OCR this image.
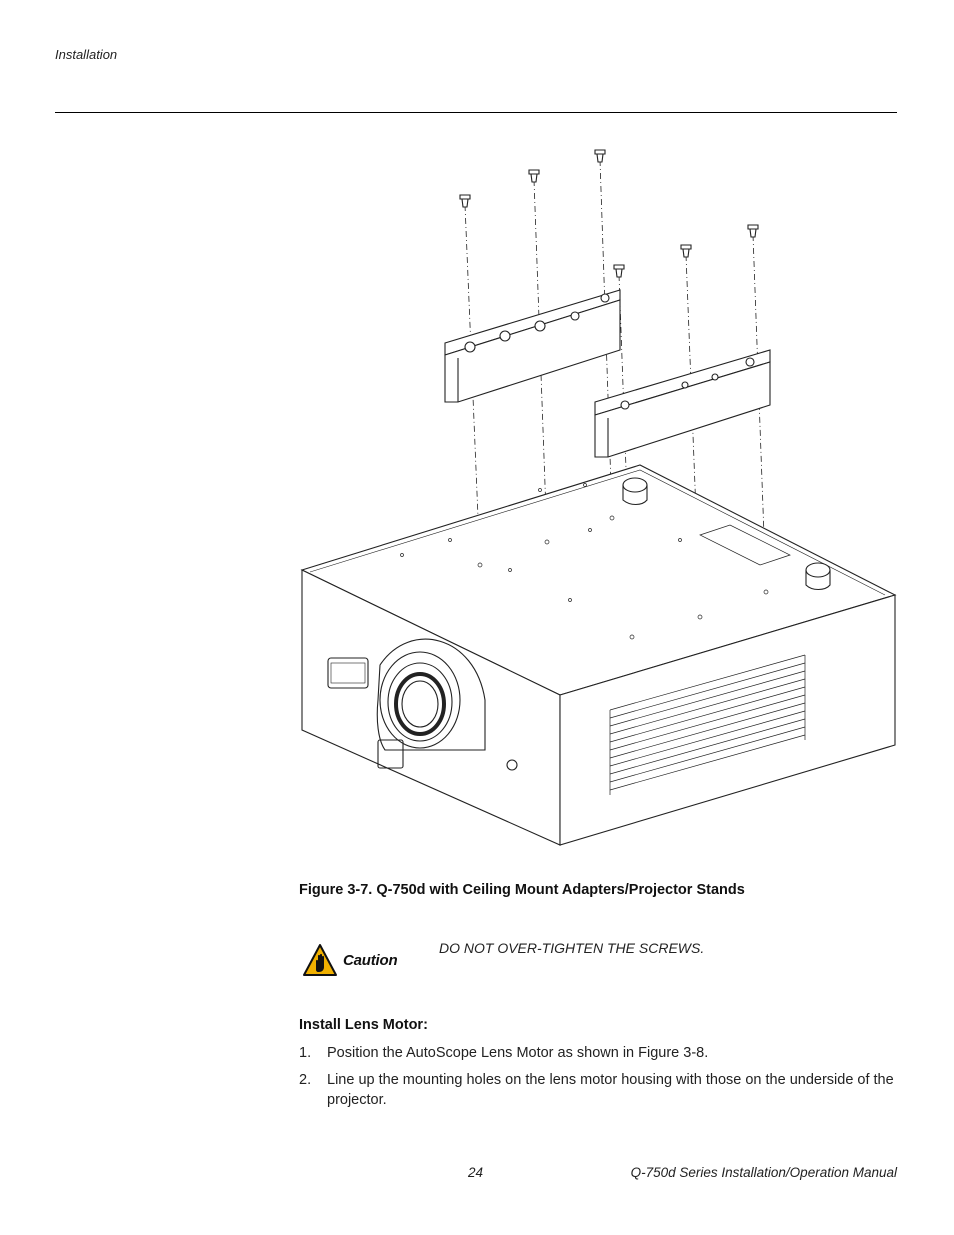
Installation
Figure 3-7. Q-750d with Ceiling Mount Adapters/Projector Stands
Caution
DO NOT OVER-TIGHTEN THE SCREWS.
Install Lens Motor:
1. Position the AutoScope Lens Motor as shown in Figure 3-8.
2. Line up the mounting holes on the lens motor housing with those on the underside of the projector.
24	Q-750d Series Installation/Operation Manual
